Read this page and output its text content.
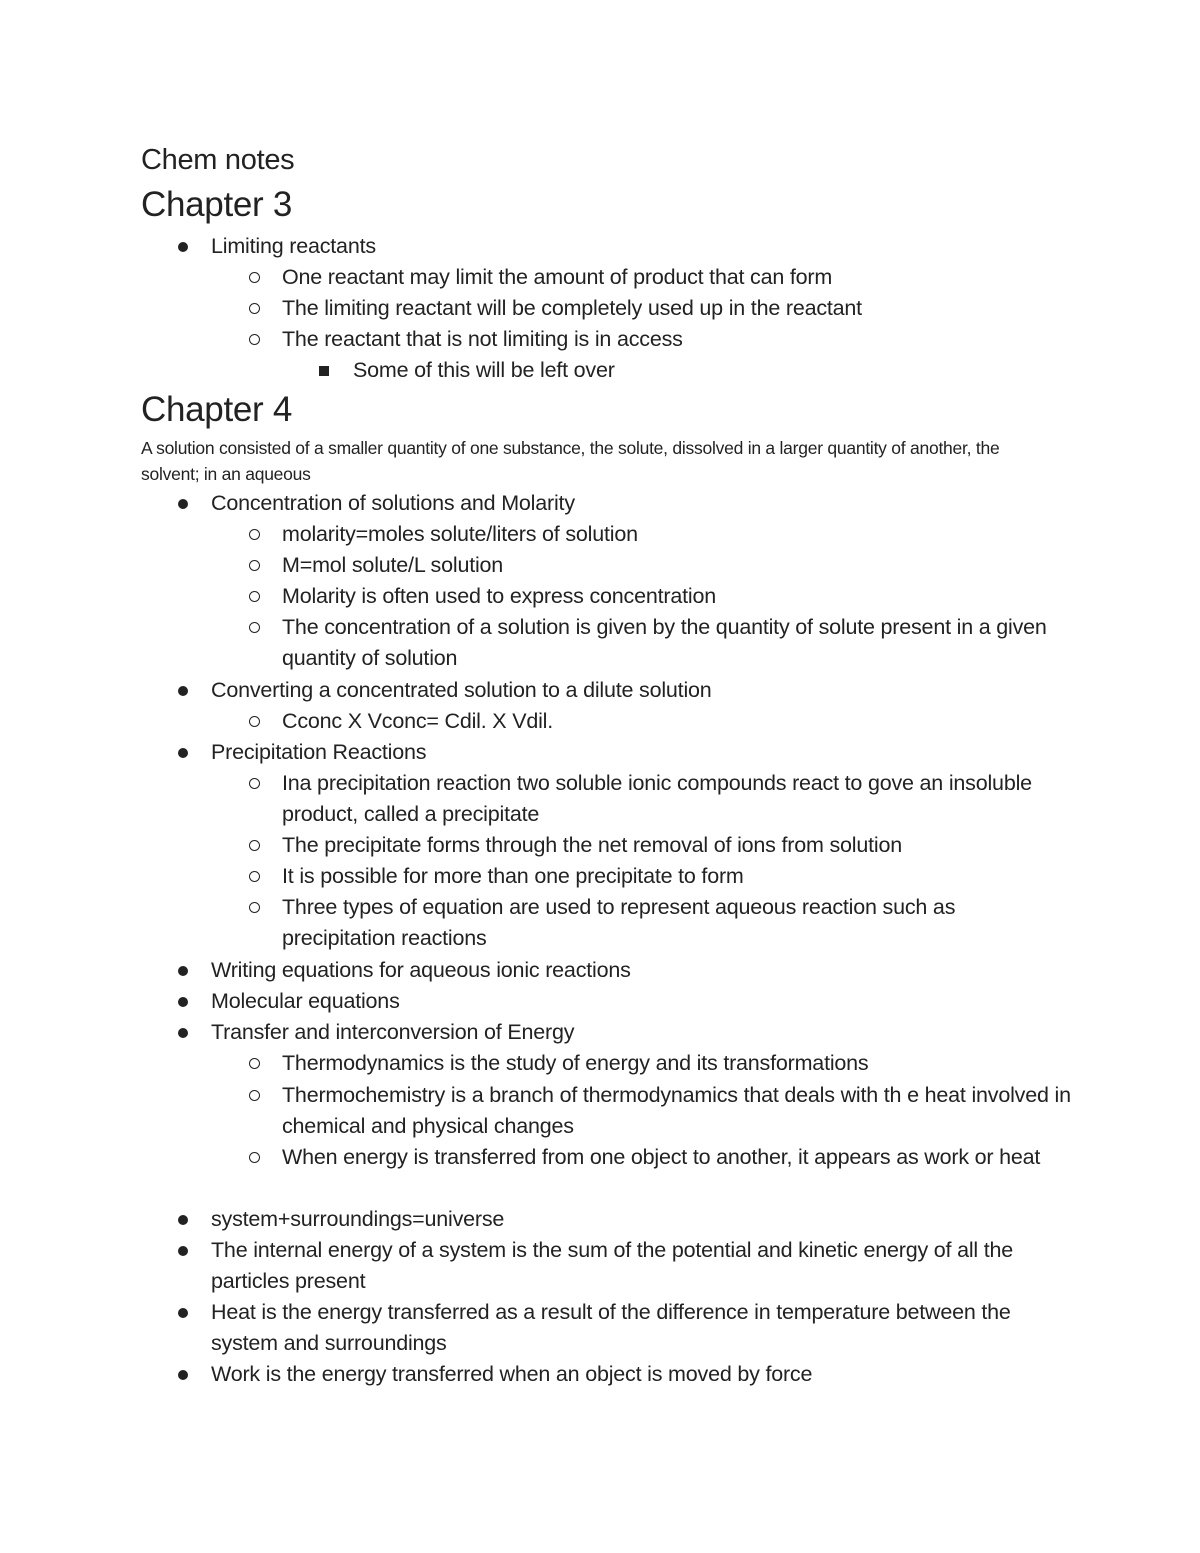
Chem notes
Chapter 3
Limiting reactants
One reactant may limit the amount of product that can form
The limiting reactant will be completely used up in the reactant
The reactant that is not limiting is in access
Some of this will be left over
Chapter 4
A solution consisted of a smaller quantity of one substance, the solute, dissolved in a larger quantity of another, the solvent; in an aqueous
Concentration of solutions and Molarity
molarity=moles solute/liters of solution
M=mol solute/L solution
Molarity is often used to express concentration
The concentration of a solution is given by the quantity of solute present in a given quantity of solution
Converting a concentrated solution to a dilute solution
Cconc X Vconc= Cdil. X Vdil.
Precipitation Reactions
Ina precipitation reaction two soluble ionic compounds react to gove an insoluble product, called a precipitate
The precipitate forms through the net removal of ions from solution
It is possible for more than one precipitate to form
Three types of equation are used to represent aqueous reaction such as precipitation reactions
Writing equations for aqueous ionic reactions
Molecular equations
Transfer and interconversion of Energy
Thermodynamics is the study of energy and its transformations
Thermochemistry is a branch of thermodynamics that deals with th e heat involved in chemical and physical changes
When energy is transferred from one object to another, it appears as work or heat
system+surroundings=universe
The internal energy of a system is the sum of the potential and kinetic energy of all the particles present
Heat is the energy transferred as a result of the difference in temperature between the system and surroundings
Work is the energy transferred when an object is moved by force
